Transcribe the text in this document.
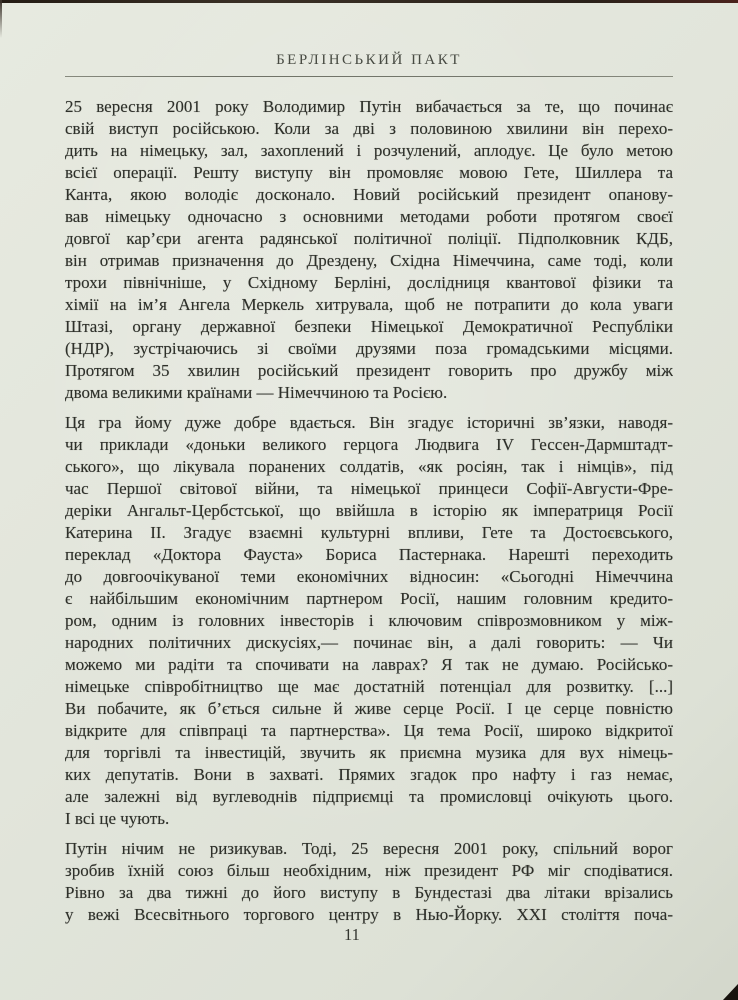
БЕРЛІНСЬКИЙ ПАКТ
25 вересня 2001 року Володимир Путін вибачається за те, що починає
свій виступ російською. Коли за дві з половиною хвилини він перехо-
дить на німецьку, зал, захоплений і розчулений, аплодує. Це було метою
всієї операції. Решту виступу він промовляє мовою Гете, Шиллера та
Канта, якою володіє досконало. Новий російський президент опанову-
вав німецьку одночасно з основними методами роботи протягом своєї
довгої кар’єри агента радянської політичної поліції. Підполковник КДБ,
він отримав призначення до Дрездену, Східна Німеччина, саме тоді, коли
трохи північніше, у Східному Берліні, дослідниця квантової фізики та
хімії на ім’я Ангела Меркель хитрувала, щоб не потрапити до кола уваги
Штазі, органу державної безпеки Німецької Демократичної Республіки
(НДР), зустрічаючись зі своїми друзями поза громадськими місцями.
Протягом 35 хвилин російський президент говорить про дружбу між
двома великими країнами — Німеччиною та Росією.
Ця гра йому дуже добре вдається. Він згадує історичні зв’язки, наводя-
чи приклади «доньки великого герцога Людвига IV Гессен-Дармштадт-
ського», що лікувала поранених солдатів, «як росіян, так і німців», під
час Першої світової війни, та німецької принцеси Софії-Августи-Фре-
деріки Ангальт-Цербстської, що ввійшла в історію як імператриця Росії
Катерина II. Згадує взаємні культурні впливи, Гете та Достоєвського,
переклад «Доктора Фауста» Бориса Пастернака. Нарешті переходить
до довгоочікуваної теми економічних відносин: «Сьогодні Німеччина
є найбільшим економічним партнером Росії, нашим головним кредито-
ром, одним із головних інвесторів і ключовим співрозмовником у між-
народних політичних дискусіях,— починає він, а далі говорить: — Чи
можемо ми радіти та спочивати на лаврах? Я так не думаю. Російсько-
німецьке співробітництво ще має достатній потенціал для розвитку. [...]
Ви побачите, як б’ється сильне й живе серце Росії. І це серце повністю
відкрите для співпраці та партнерства». Ця тема Росії, широко відкритої
для торгівлі та інвестицій, звучить як приємна музика для вух німець-
ких депутатів. Вони в захваті. Прямих згадок про нафту і газ немає,
але залежні від вуглеводнів підприємці та промисловці очікують цього.
І всі це чують.
Путін нічим не ризикував. Тоді, 25 вересня 2001 року, спільний ворог
зробив їхній союз більш необхідним, ніж президент РФ міг сподіватися.
Рівно за два тижні до його виступу в Бундестазі два літаки врізались
у вежі Всесвітнього торгового центру в Нью-Йорку. XXI століття поча-
11
